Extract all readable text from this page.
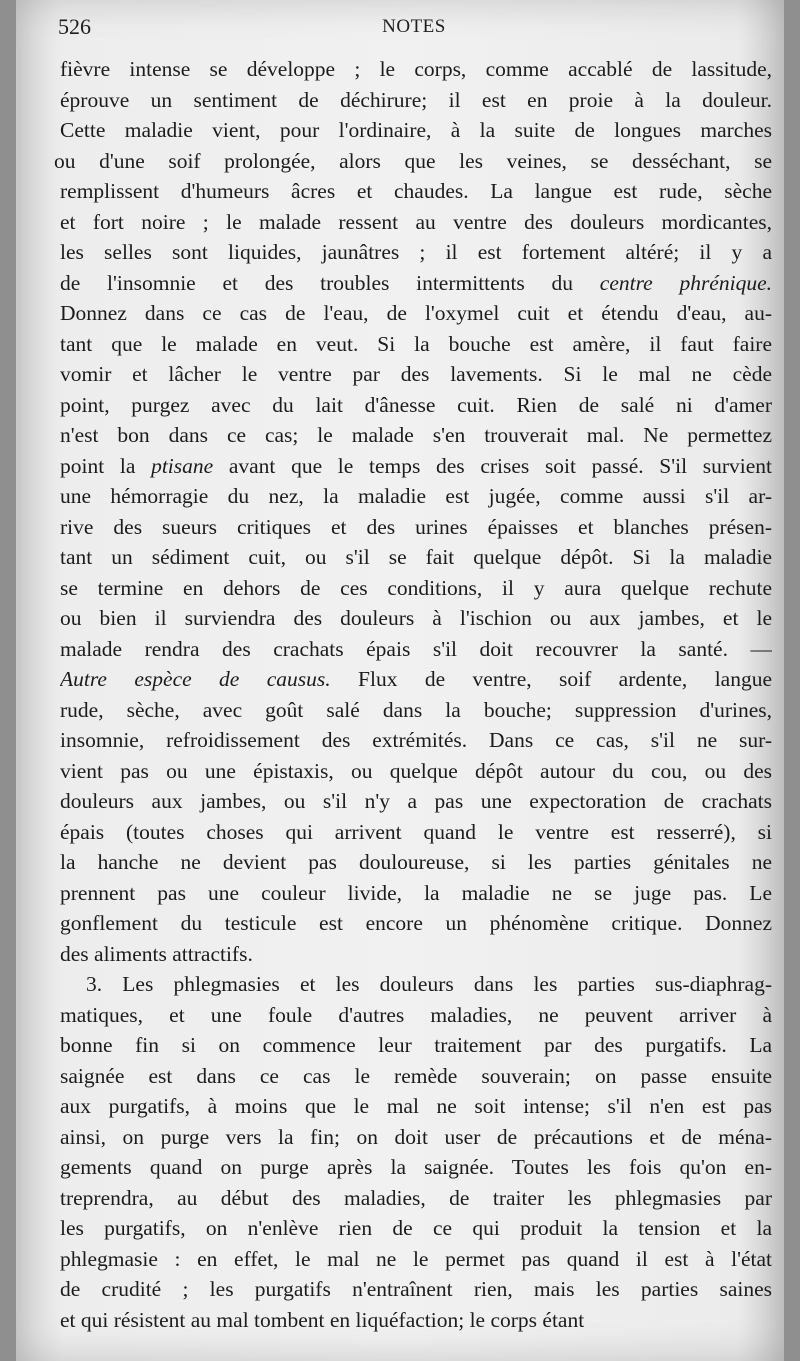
526	NOTES
fièvre intense se développe ; le corps, comme accablé de lassitude,
éprouve un sentiment de déchirure; il est en proie à la douleur.
Cette maladie vient, pour l'ordinaire, à la suite de longues marches
ou d'une soif prolongée, alors que les veines, se desséchant, se
remplissent d'humeurs âcres et chaudes. La langue est rude, sèche
et fort noire ; le malade ressent au ventre des douleurs mordicantes,
les selles sont liquides, jaunâtres ; il est fortement altéré; il y a
de l'insomnie et des troubles intermittents du centre phrénique.
Donnez dans ce cas de l'eau, de l'oxymel cuit et étendu d'eau, au-
tant que le malade en veut. Si la bouche est amère, il faut faire
vomir et lâcher le ventre par des lavements. Si le mal ne cède
point, purgez avec du lait d'ânesse cuit. Rien de salé ni d'amer
n'est bon dans ce cas; le malade s'en trouverait mal. Ne permettez
point la ptisane avant que le temps des crises soit passé. S'il survient
une hémorragie du nez, la maladie est jugée, comme aussi s'il ar-
rive des sueurs critiques et des urines épaisses et blanches présen-
tant un sédiment cuit, ou s'il se fait quelque dépôt. Si la maladie
se termine en dehors de ces conditions, il y aura quelque rechute
ou bien il surviendra des douleurs à l'ischion ou aux jambes, et le
malade rendra des crachats épais s'il doit recouvrer la santé. —
Autre espèce de causus. Flux de ventre, soif ardente, langue
rude, sèche, avec goût salé dans la bouche; suppression d'urines,
insomnie, refroidissement des extrémités. Dans ce cas, s'il ne sur-
vient pas ou une épistaxis, ou quelque dépôt autour du cou, ou des
douleurs aux jambes, ou s'il n'y a pas une expectoration de crachats
épais (toutes choses qui arrivent quand le ventre est resserré), si
la hanche ne devient pas douloureuse, si les parties génitales ne
prennent pas une couleur livide, la maladie ne se juge pas. Le
gonflement du testicule est encore un phénomène critique. Donnez
des aliments attractifs.
3. Les phlegmasies et les douleurs dans les parties sus-diaphrag-
matiques, et une foule d'autres maladies, ne peuvent arriver à
bonne fin si on commence leur traitement par des purgatifs. La
saignée est dans ce cas le remède souverain; on passe ensuite
aux purgatifs, à moins que le mal ne soit intense; s'il n'en est pas
ainsi, on purge vers la fin; on doit user de précautions et de ména-
gements quand on purge après la saignée. Toutes les fois qu'on en-
treprendra, au début des maladies, de traiter les phlegmasies par
les purgatifs, on n'enlève rien de ce qui produit la tension et la
phlegmasie : en effet, le mal ne le permet pas quand il est à l'état
de crudité ; les purgatifs n'entraînent rien, mais les parties saines
et qui résistent au mal tombent en liquéfaction; le corps étant
